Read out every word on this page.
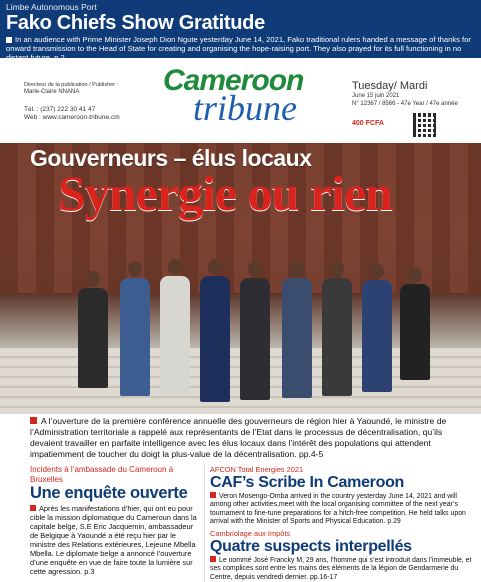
Limbe Autonomous Port
Fako Chiefs Show Gratitude
In an audience with Prime Minister Joseph Dion Ngute yesterday June 14, 2021, Fako traditional rulers handed a message of thanks for onward transmission to the Head of State for creating and organising the hope-raising port. They also prayed for its full functioning in no
Directeur de la publication / Publisher :
Marie-Claire NNANA
Tél. : (237) 222 30 41 47
Web : www.cameroon-tribune.cm
Cameroon
tribune
Tuesday/ Mardi
June 15 juin 2021
N° 12367 / 8566 - 47e Year / 47e année
400 FCFA
Gouverneurs – élus locaux
Synergie ou rien
A l’ouverture de la première conférence annuelle des gouverneurs de région hier à Yaoundé, le ministre de l’Administration territoriale a rappelé aux représentants de l’Etat dans le processus de décentralisation, qu’ils devaient travailler en parfaite intelligence avec les élus locaux dans l’intérêt des populations qui attendent impatiemment de toucher du doigt la plus-value de la décentralisation. pp.4-5
Incidents à l’ambassade du Cameroun à Bruxelles
Une enquête ouverte
Après les manifestations d’hier, qui ont eu pour cible la mission diplomatique du Cameroun dans la capitale belge, S.E Eric Jacquemin, ambassadeur de Belgique à Yaoundé a été reçu hier par le ministre des Relations extérieures, Lejeune Mbella Mbella. Le diplomate belge a annoncé l’ouverture d’une enquête en vue de faire toute la lumière sur cette agression. p.3
AFCON Total Energies 2021
CAF’s Scribe In Cameroon
Veron Mosengo-Omba arrived in the country yesterday June 14, 2021 and will among other activities,meet with the local organising committee of the next year’s tournament to fine-tune preparations for a hitch-free competition. He held talks upon arrival with the Minister of Sports and Physical Education. p.29
Cambriolage aux Impôts
Quatre suspects interpellés
Le nommé José Francky M, 29 ans, l’homme qui s’est introduit dans l’immeuble, et ses complices sont entre les mains des éléments de la légion de Gendarmerie du Centre, depuis vendredi dernier. pp.16-17
